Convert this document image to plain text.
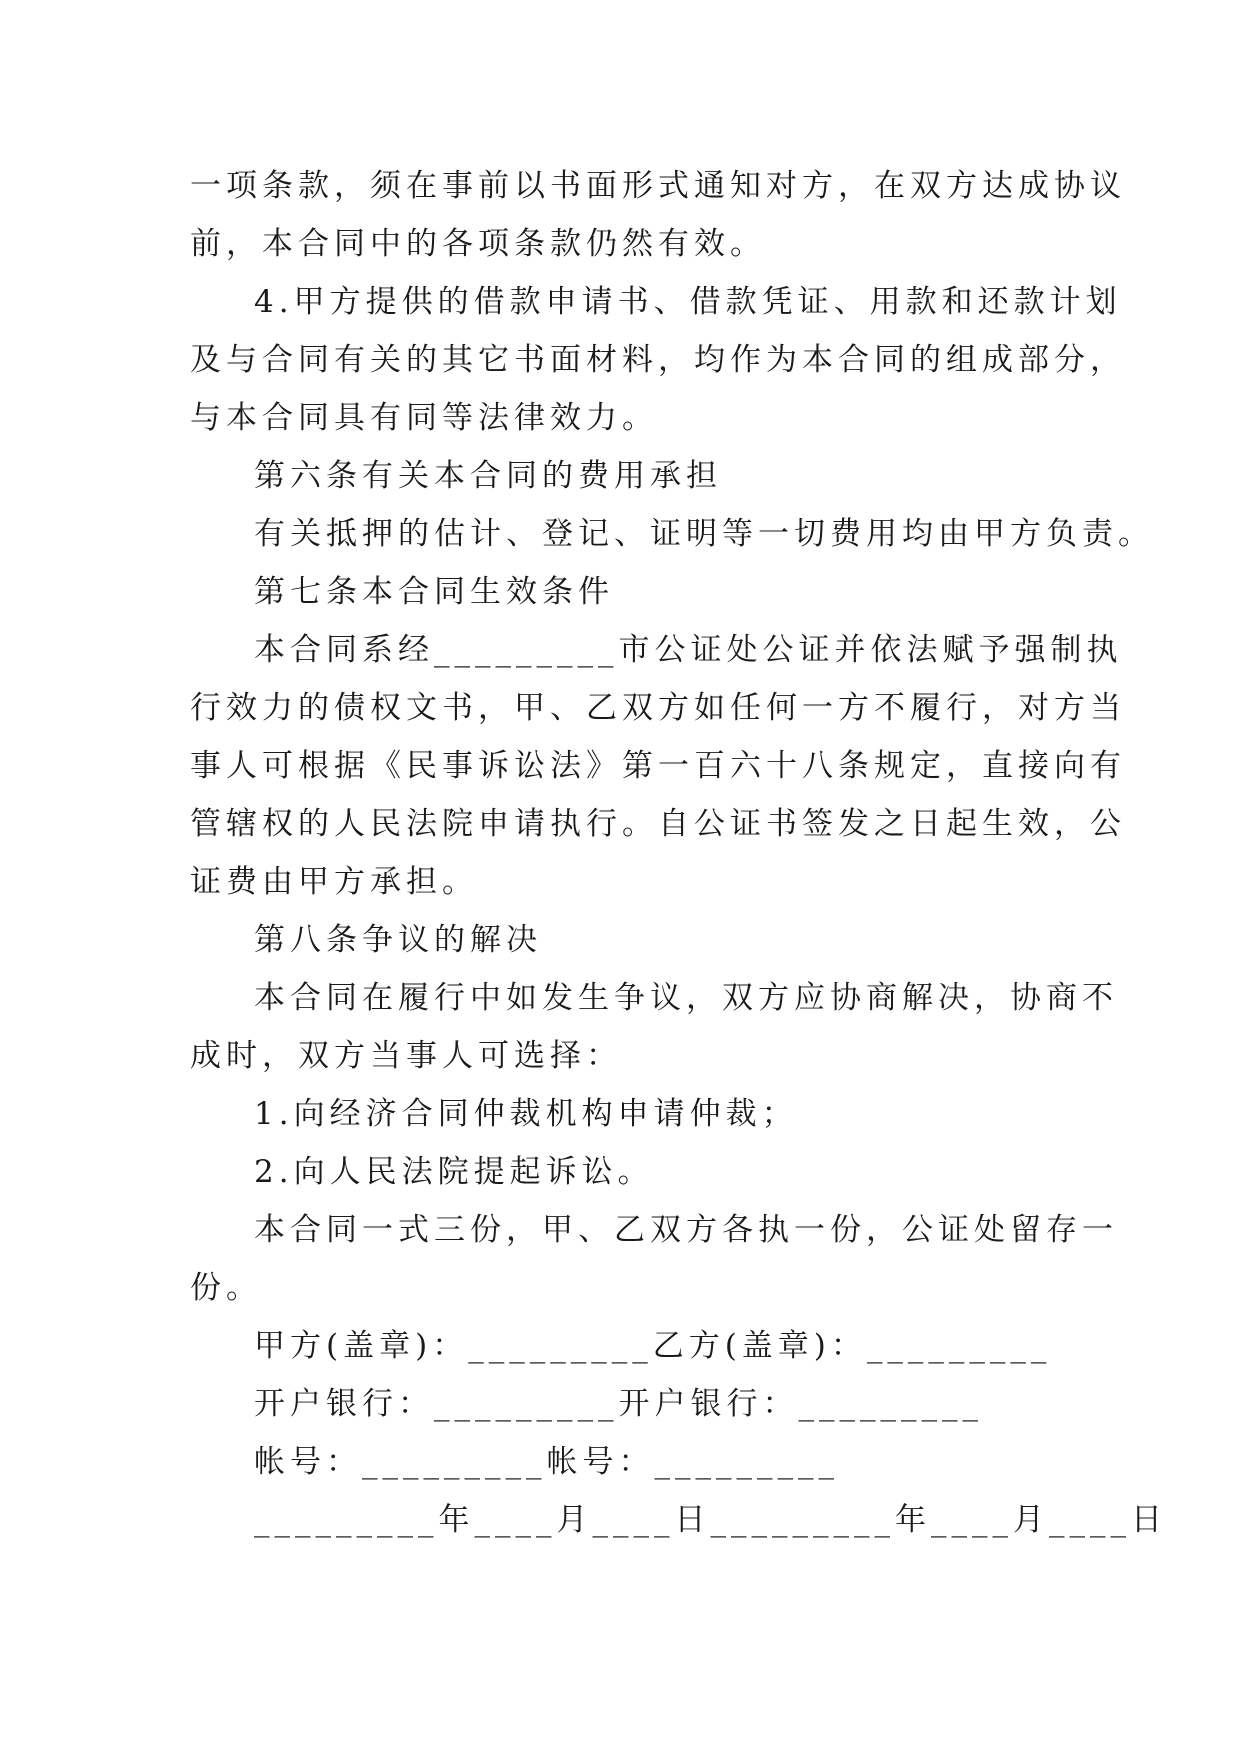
一项条款，须在事前以书面形式通知对方，在双方达成协议
前，本合同中的各项条款仍然有效。
4.甲方提供的借款申请书、借款凭证、用款和还款计划
及与合同有关的其它书面材料，均作为本合同的组成部分，
与本合同具有同等法律效力。
第六条有关本合同的费用承担
有关抵押的估计、登记、证明等一切费用均由甲方负责。
第七条本合同生效条件
本合同系经_________市公证处公证并依法赋予强制执
行效力的债权文书，甲、乙双方如任何一方不履行，对方当
事人可根据《民事诉讼法》第一百六十八条规定，直接向有
管辖权的人民法院申请执行。自公证书签发之日起生效，公
证费由甲方承担。
第八条争议的解决
本合同在履行中如发生争议，双方应协商解决，协商不
成时，双方当事人可选择：
1.向经济合同仲裁机构申请仲裁；
2.向人民法院提起诉讼。
本合同一式三份，甲、乙双方各执一份，公证处留存一
份。
甲方(盖章)：_________乙方(盖章)：_________
开户银行：_________开户银行：_________
帐号：_________帐号：_________
_________年____月____日_________年____月____日
